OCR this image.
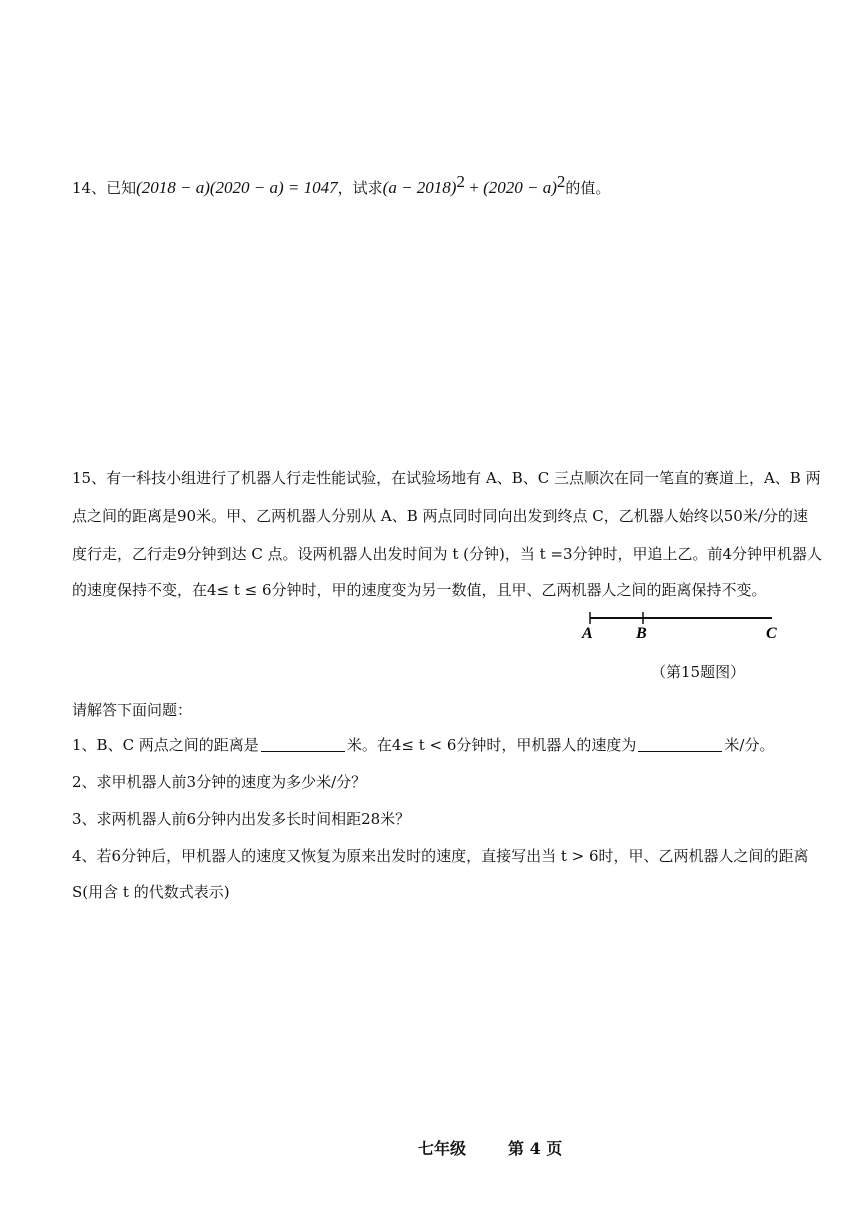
14、已知(2018 − a)(2020 − a) = 1047，试求$(a - 2018)^2 + (2020 - a)^2$的值。
15、有一科技小组进行了机器人行走性能试验，在试验场地有 A、B、C 三点顺次在同一笔直的赛道上，A、B 两
点之间的距离是90米。甲、乙两机器人分别从 A、B 两点同时同向出发到终点 C，乙机器人始终以50米/分的速
度行走，乙行走9分钟到达 C 点。设两机器人出发时间为 t (分钟)，当 t =3分钟时，甲追上乙。前4分钟甲机器人
的速度保持不变，在4≤ t ≤ 6分钟时，甲的速度变为另一数值，且甲、乙两机器人之间的距离保持不变。
A	B	C
（第15题图）
请解答下面问题：
1、B、C 两点之间的距离是	米。在4≤ t < 6分钟时，甲机器人的速度为	米/分。
2、求甲机器人前3分钟的速度为多少米/分？
3、求两机器人前6分钟内出发多长时间相距28米？
4、若6分钟后，甲机器人的速度又恢复为原来出发时的速度，直接写出当 t > 6时，甲、乙两机器人之间的距离
S(用含 t 的代数式表示)
七年级	第 4 页
